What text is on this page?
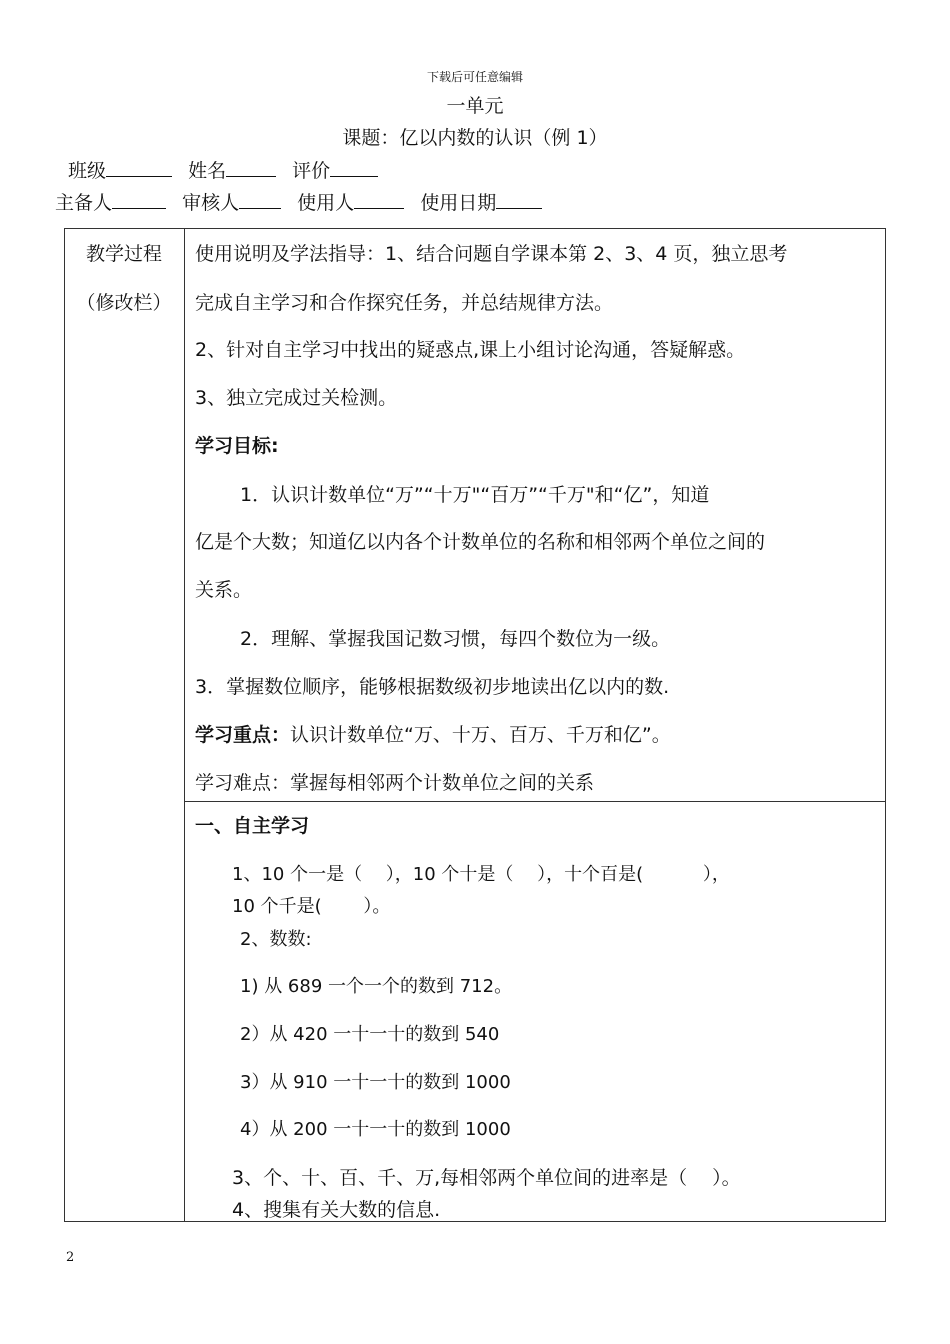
下载后可任意编辑
一单元
课题：亿以内数的认识（例 1）
班级	姓名	评价
主备人	审核人	使用人	使用日期
教学过程
（修改栏）
使用说明及学法指导：1、结合问题自学课本第 2、3、4 页，独立思考
完成自主学习和合作探究任务，并总结规律方法。
2、针对自主学习中找出的疑惑点,课上小组讨论沟通，答疑解惑。
3、独立完成过关检测。
学习目标:
1．认识计数单位“万”“十万"“百万”“千万"和“亿”，知道
亿是个大数；知道亿以内各个计数单位的名称和相邻两个单位之间的
关系。
2．理解、掌握我国记数习惯，每四个数位为一级。
3．掌握数位顺序，能够根据数级初步地读出亿以内的数.
学习重点：认识计数单位“万、十万、百万、千万和亿”。
学习难点：掌握每相邻两个计数单位之间的关系
一、自主学习
1、10 个一是（　 ），10 个十是（　 ），十个百是(　　　 ），
10 个千是(　　 ）。
2、数数:
1) 从 689 一个一个的数到 712。
2）从 420 一十一十的数到 540
3）从 910 一十一十的数到 1000
4）从 200 一十一十的数到 1000
3、个、十、百、千、万,每相邻两个单位间的进率是（　 ）。
4、搜集有关大数的信息.
2
